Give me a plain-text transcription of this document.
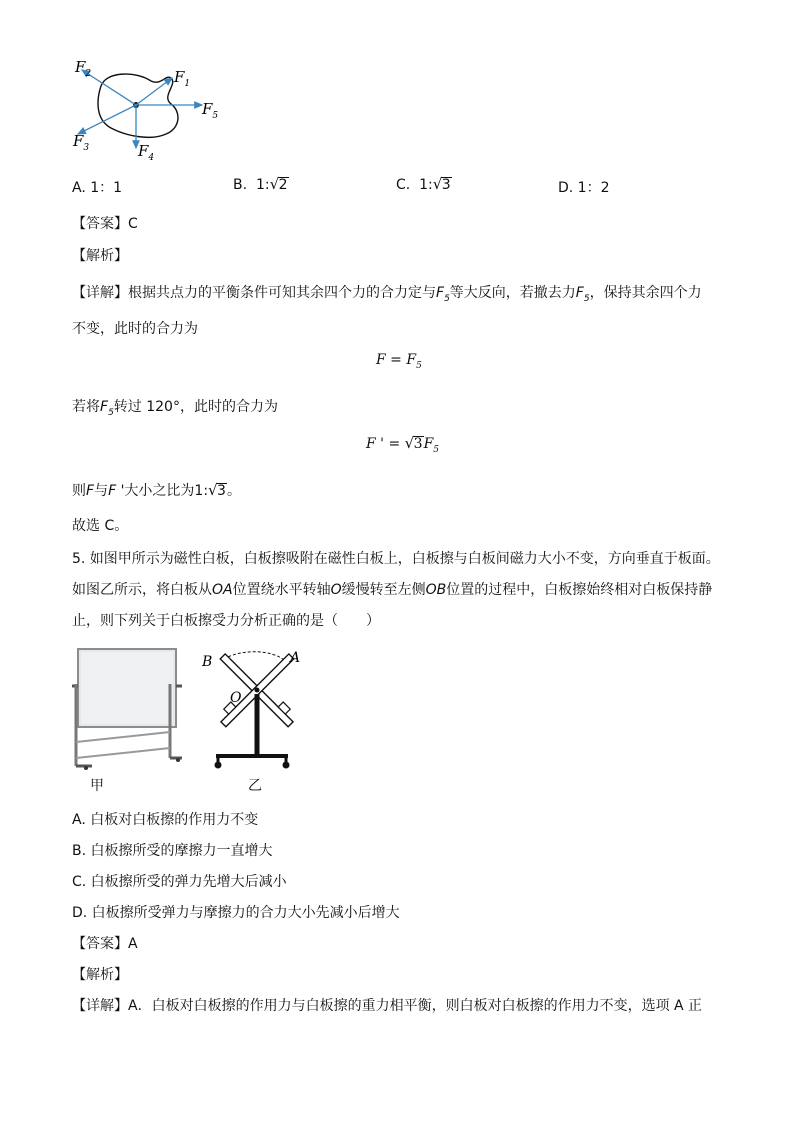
$F_2$	$F_1$
$F_5$
$F_3$	$F_4$
A. 1：1	B. 1: √ 2	C. 1: √ 3	D. 1：2
【答案】C
【解析】
【详解】根据共点力的平衡条件可知其余四个力的合力定与$F_5$等大反向，若撤去力$F_5$，保持其余四个力
不变，此时的合力为
$F = F_5$
若将$F_5$转过 120°，此时的合力为
F ' = √ $3F_5$
则F与F '大小之比为1: √ 3。
故选 C。
5. 如图甲所示为磁性白板，白板擦吸附在磁性白板上，白板擦与白板间磁力大小不变，方向垂直于板面。
如图乙所示，将白板从OA位置绕水平转轴O缓慢转至左侧OB位置的过程中，白板擦始终相对白板保持静
止，则下列关于白板擦受力分析正确的是（　　）
甲
B	A
O
乙
A. 白板对白板擦的作用力不变
B. 白板擦所受的摩擦力一直增大
C. 白板擦所受的弹力先增大后减小
D. 白板擦所受弹力与摩擦力的合力大小先减小后增大
【答案】A
【解析】
【详解】A．白板对白板擦的作用力与白板擦的重力相平衡，则白板对白板擦的作用力不变，选项 A 正
